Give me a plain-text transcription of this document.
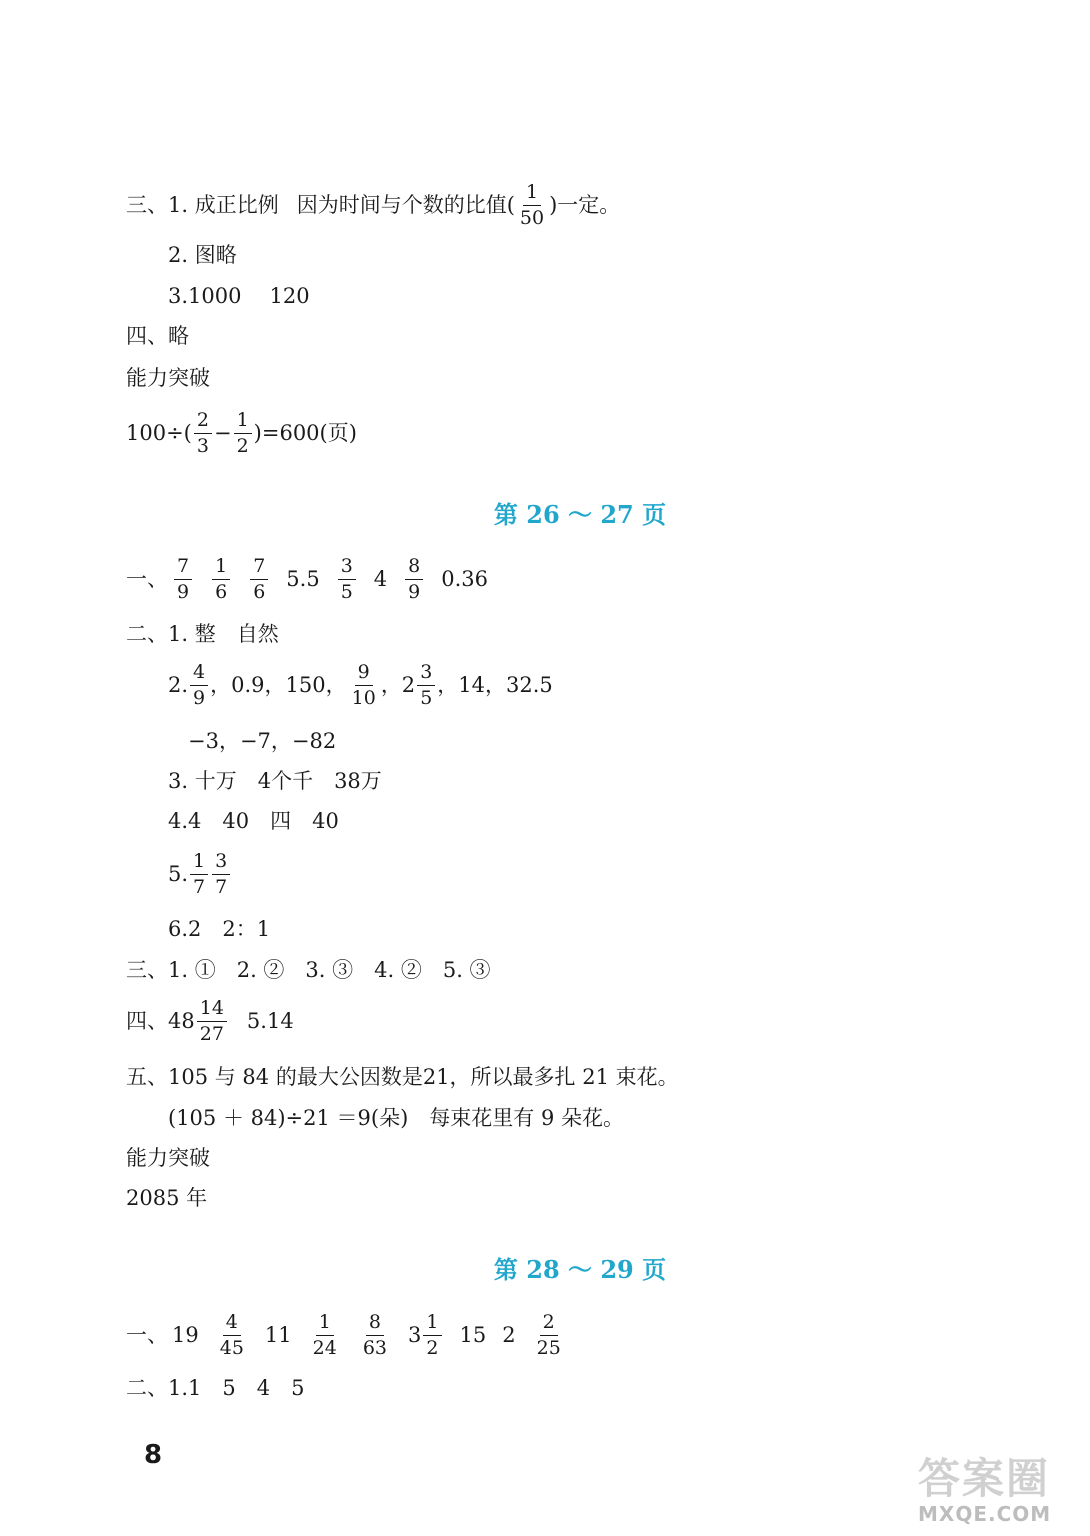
三、1. 成正比例 因为时间与个数的比值( $\frac{1}{50}$ )一定。
2. 图略
3.1000 120
四、略
能力突破
$100\div( \frac{2}{3} - \frac{1}{2} )=600$(页)
第 26 ～ 27 页
一、 $\frac{7}{9} \frac{1}{6} \frac{7}{6} 5.5 \frac{3}{5} 4 \frac{8}{9} 0.36$
二、1. 整　自然
2. $\frac{4}{9}$ ，0.9，150， $\frac{9}{10}$ ，$2 \frac{3}{5}$ ，14，32.5
−3，−7，−82
3. 十万　4个千　38万
4.4　40　四　40
5. $\frac{1}{7} \frac{3}{7}$
6.2　2：1
三、1. ①　2. ②　3. ③　4. ②　5. ③
四、$48 \frac{14}{27} 5.14$
五、105 与 84 的最大公因数是21，所以最多扎 21 束花。
(105 ＋ 84)÷21 ＝9(朵)　每束花里有 9 朵花。
能力突破
2085 年
第 28 ～ 29 页
一、 $19 \frac{4}{45} 11 \frac{1}{24} \frac{8}{63} 3 \frac{1}{2} 15$ $2 \frac{2}{25}$
二、1.1　5　4　5
8	答案圈
MXQE.COM
